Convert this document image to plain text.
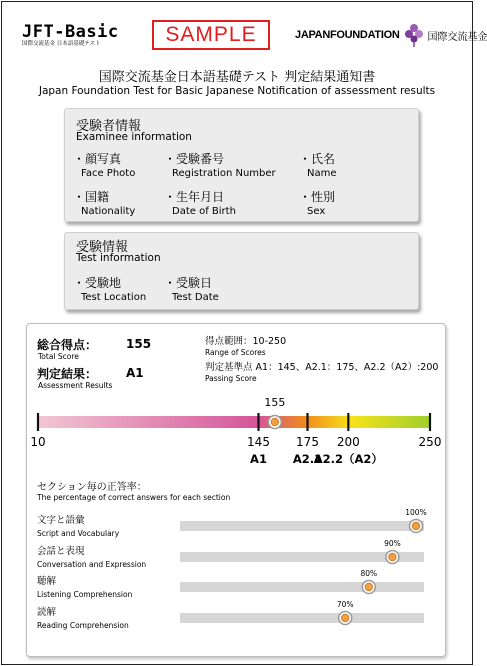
JFT-Basic
国際交流基金 日本語基礎テスト	SAMPLE	JAPANFOUNDATION	国際交流基金
国際交流基金日本語基礎テスト 判定結果通知書
Japan Foundation Test for Basic Japanese Notification of assessment results
受験者情報
Examinee information
・顔写真
Face Photo
・受験番号
Registration Number
・氏名
Name
・国籍
Nationality
・生年月日
Date of Birth
・性別
Sex
受験情報
Test information
・受験地
Test Location
・受験日
Test Date
総合得点：
Total Score
155
判定結果：
Assessment Results
A1
得点範囲：10-250
Range of Scores
判定基準点 A1：145、A2.1：175、A2.2（A2）:200
Passing Score
10	145
A1
175
A2.1
200
A2.2（A2）
250
155
文字と語彙
Script and Vocabulary
100%
会話と表現
Conversation and Expression
90%
聴解
Listening Comprehension
80%
読解
Reading Comprehension
70%
セクション毎の正答率：
The percentage of correct answers for each section
